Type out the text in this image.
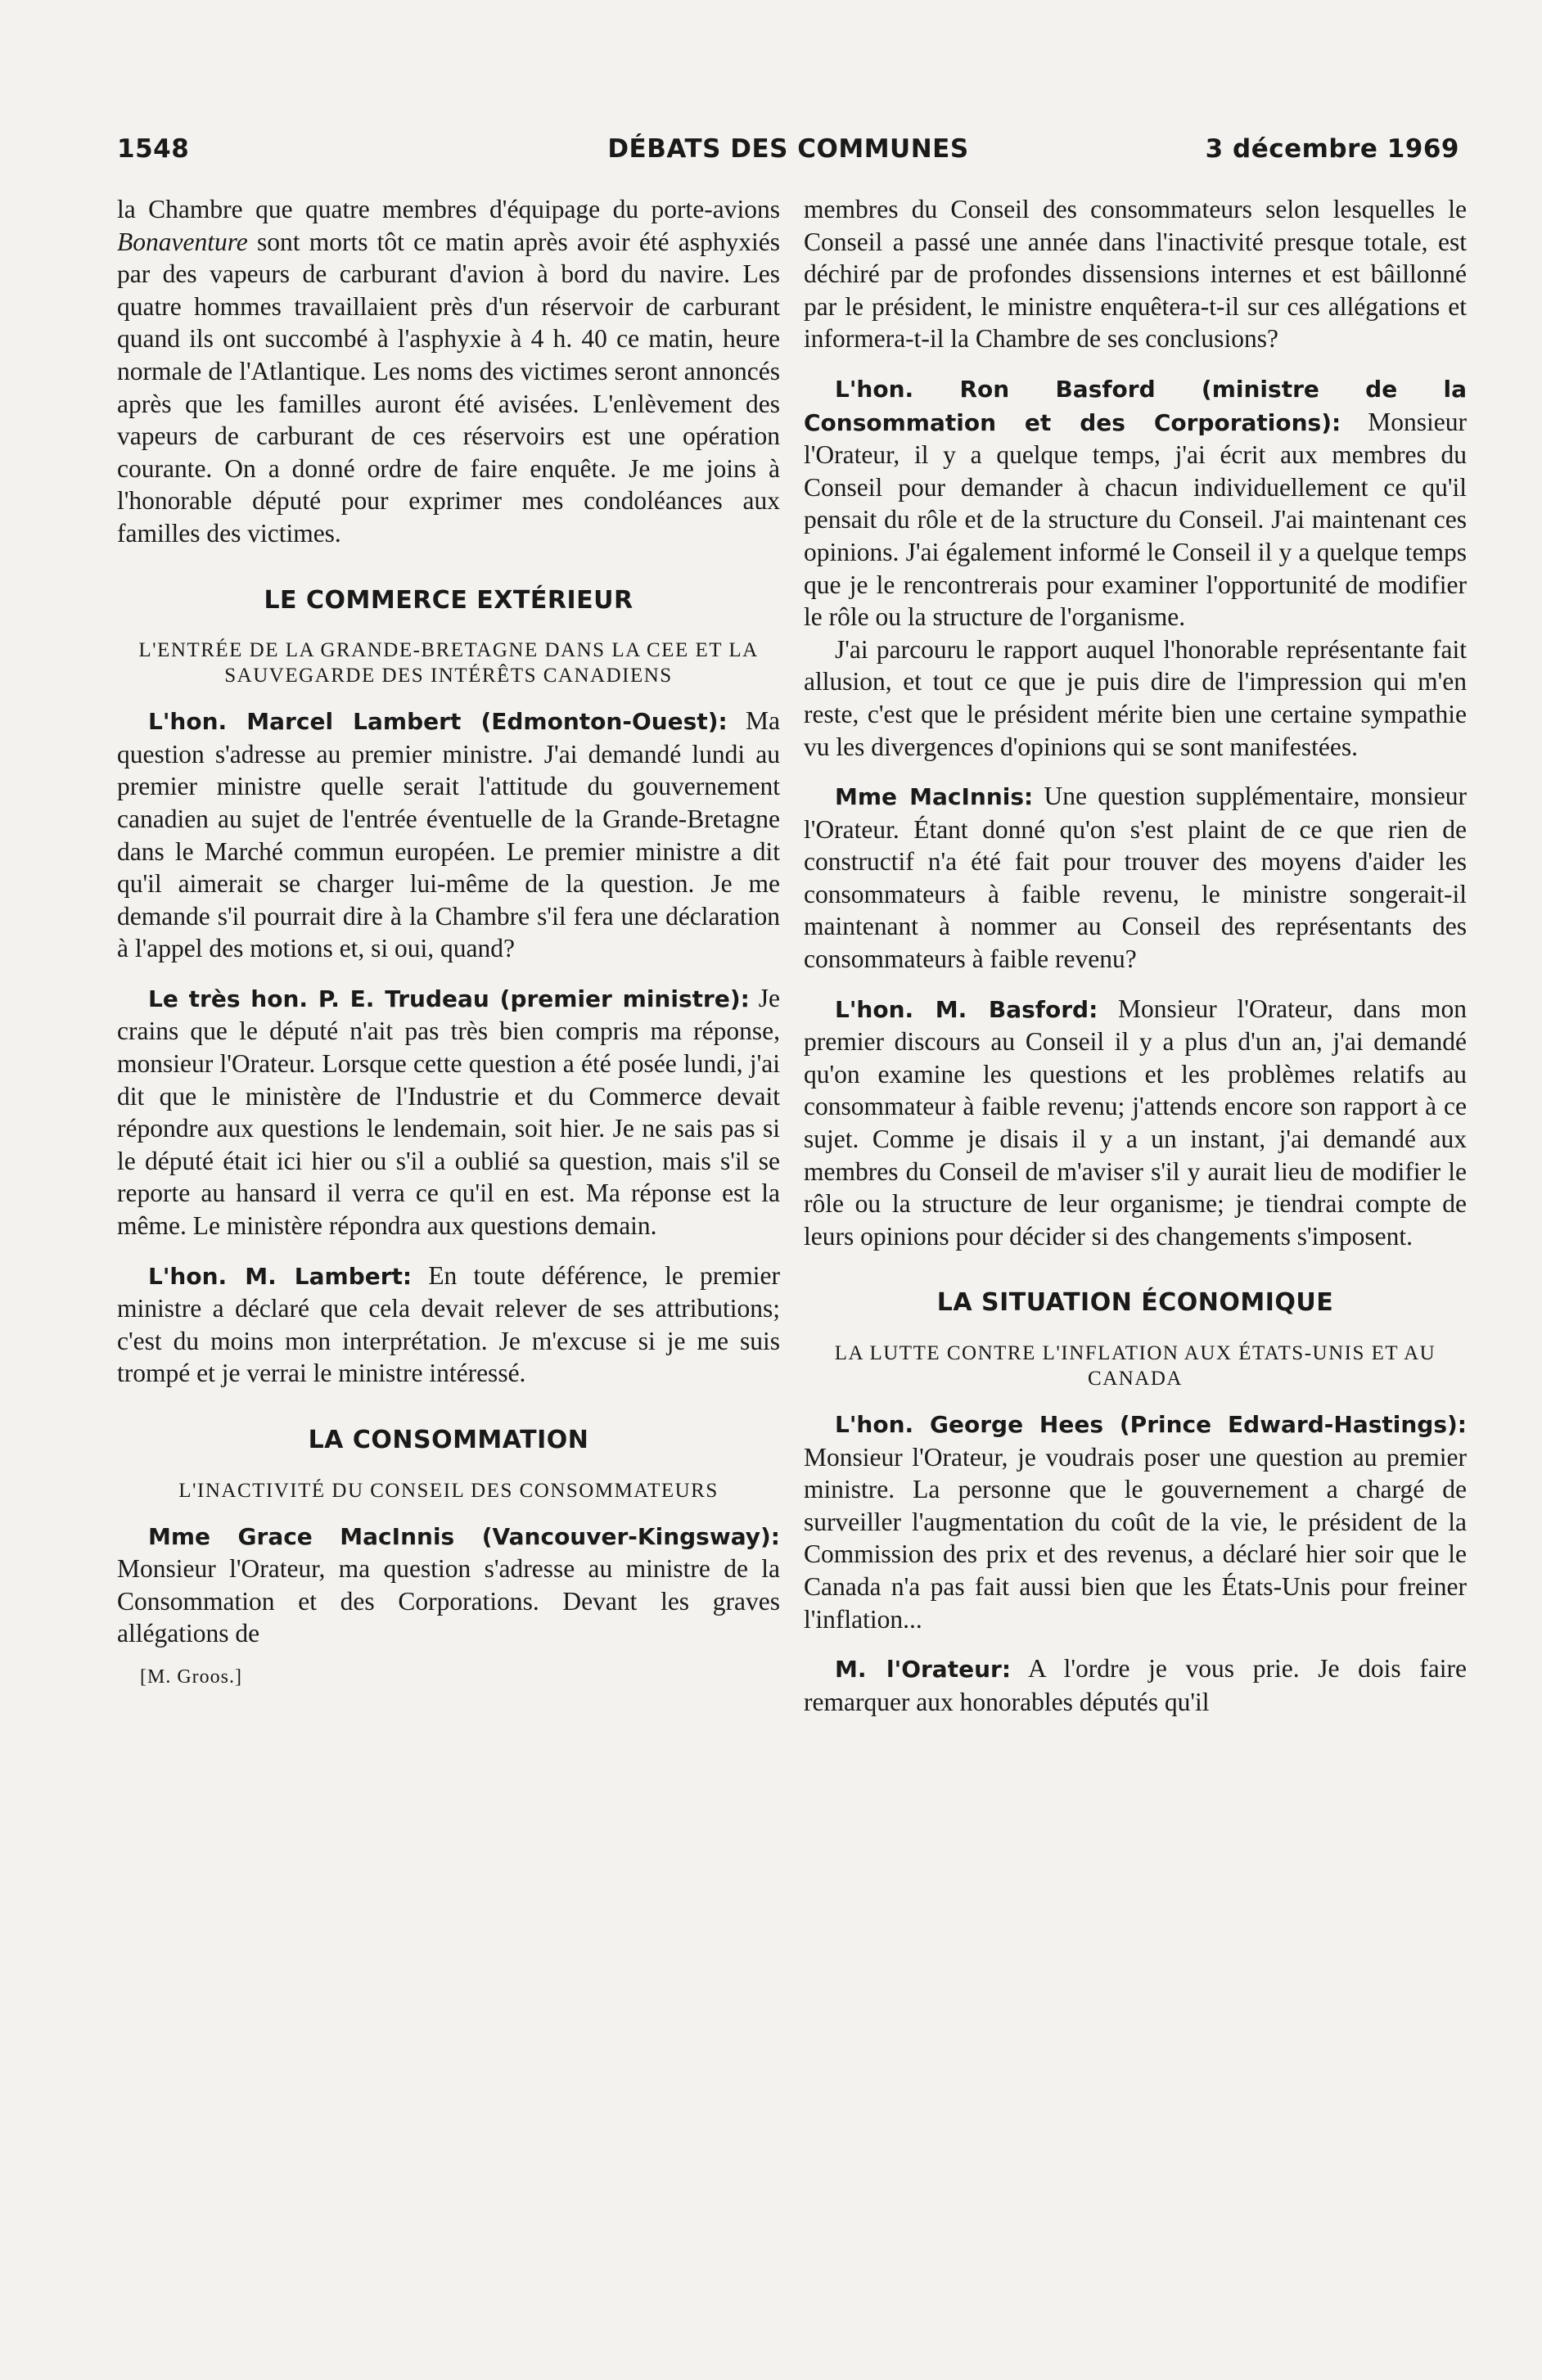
1548	DÉBATS DES COMMUNES	3 décembre 1969

la Chambre que quatre membres d'équipage du porte-avions Bonaventure sont morts tôt ce matin après avoir été asphyxiés par des vapeurs de carburant d'avion à bord du navire. Les quatre hommes travaillaient près d'un réservoir de carburant quand ils ont succombé à l'asphyxie à 4 h. 40 ce matin, heure normale de l'Atlantique. Les noms des victimes seront annoncés après que les familles auront été avisées. L'enlèvement des vapeurs de carburant de ces réservoirs est une opération courante. On a donné ordre de faire enquête. Je me joins à l'honorable député pour exprimer mes condoléances aux familles des victimes.

LE COMMERCE EXTÉRIEUR
L'ENTRÉE DE LA GRANDE-BRETAGNE DANS LA CEE ET LA SAUVEGARDE DES INTÉRÊTS CANADIENS

L'hon. Marcel Lambert (Edmonton-Ouest): Ma question s'adresse au premier ministre. J'ai demandé lundi au premier ministre quelle serait l'attitude du gouvernement canadien au sujet de l'entrée éventuelle de la Grande-Bretagne dans le Marché commun européen. Le premier ministre a dit qu'il aimerait se charger lui-même de la question. Je me demande s'il pourrait dire à la Chambre s'il fera une déclaration à l'appel des motions et, si oui, quand?

Le très hon. P. E. Trudeau (premier ministre): Je crains que le député n'ait pas très bien compris ma réponse, monsieur l'Orateur. Lorsque cette question a été posée lundi, j'ai dit que le ministère de l'Industrie et du Commerce devait répondre aux questions le lendemain, soit hier. Je ne sais pas si le député était ici hier ou s'il a oublié sa question, mais s'il se reporte au hansard il verra ce qu'il en est. Ma réponse est la même. Le ministère répondra aux questions demain.

L'hon. M. Lambert: En toute déférence, le premier ministre a déclaré que cela devait relever de ses attributions; c'est du moins mon interprétation. Je m'excuse si je me suis trompé et je verrai le ministre intéressé.

LA CONSOMMATION
L'INACTIVITÉ DU CONSEIL DES CONSOMMATEURS

Mme Grace MacInnis (Vancouver-Kingsway): Monsieur l'Orateur, ma question s'adresse au ministre de la Consommation et des Corporations. Devant les graves allégations de

[M. Groos.]

membres du Conseil des consommateurs selon lesquelles le Conseil a passé une année dans l'inactivité presque totale, est déchiré par de profondes dissensions internes et est bâillonné par le président, le ministre enquêtera-t-il sur ces allégations et informera-t-il la Chambre de ses conclusions?

L'hon. Ron Basford (ministre de la Consommation et des Corporations): Monsieur l'Orateur, il y a quelque temps, j'ai écrit aux membres du Conseil pour demander à chacun individuellement ce qu'il pensait du rôle et de la structure du Conseil. J'ai maintenant ces opinions. J'ai également informé le Conseil il y a quelque temps que je le rencontrerais pour examiner l'opportunité de modifier le rôle ou la structure de l'organisme.

J'ai parcouru le rapport auquel l'honorable représentante fait allusion, et tout ce que je puis dire de l'impression qui m'en reste, c'est que le président mérite bien une certaine sympathie vu les divergences d'opinions qui se sont manifestées.

Mme MacInnis: Une question supplémentaire, monsieur l'Orateur. Étant donné qu'on s'est plaint de ce que rien de constructif n'a été fait pour trouver des moyens d'aider les consommateurs à faible revenu, le ministre songerait-il maintenant à nommer au Conseil des représentants des consommateurs à faible revenu?

L'hon. M. Basford: Monsieur l'Orateur, dans mon premier discours au Conseil il y a plus d'un an, j'ai demandé qu'on examine les questions et les problèmes relatifs au consommateur à faible revenu; j'attends encore son rapport à ce sujet. Comme je disais il y a un instant, j'ai demandé aux membres du Conseil de m'aviser s'il y aurait lieu de modifier le rôle ou la structure de leur organisme; je tiendrai compte de leurs opinions pour décider si des changements s'imposent.

LA SITUATION ÉCONOMIQUE
LA LUTTE CONTRE L'INFLATION AUX ÉTATS-UNIS ET AU CANADA

L'hon. George Hees (Prince Edward-Hastings): Monsieur l'Orateur, je voudrais poser une question au premier ministre. La personne que le gouvernement a chargé de surveiller l'augmentation du coût de la vie, le président de la Commission des prix et des revenus, a déclaré hier soir que le Canada n'a pas fait aussi bien que les États-Unis pour freiner l'inflation...

M. l'Orateur: A l'ordre je vous prie. Je dois faire remarquer aux honorables députés qu'il
